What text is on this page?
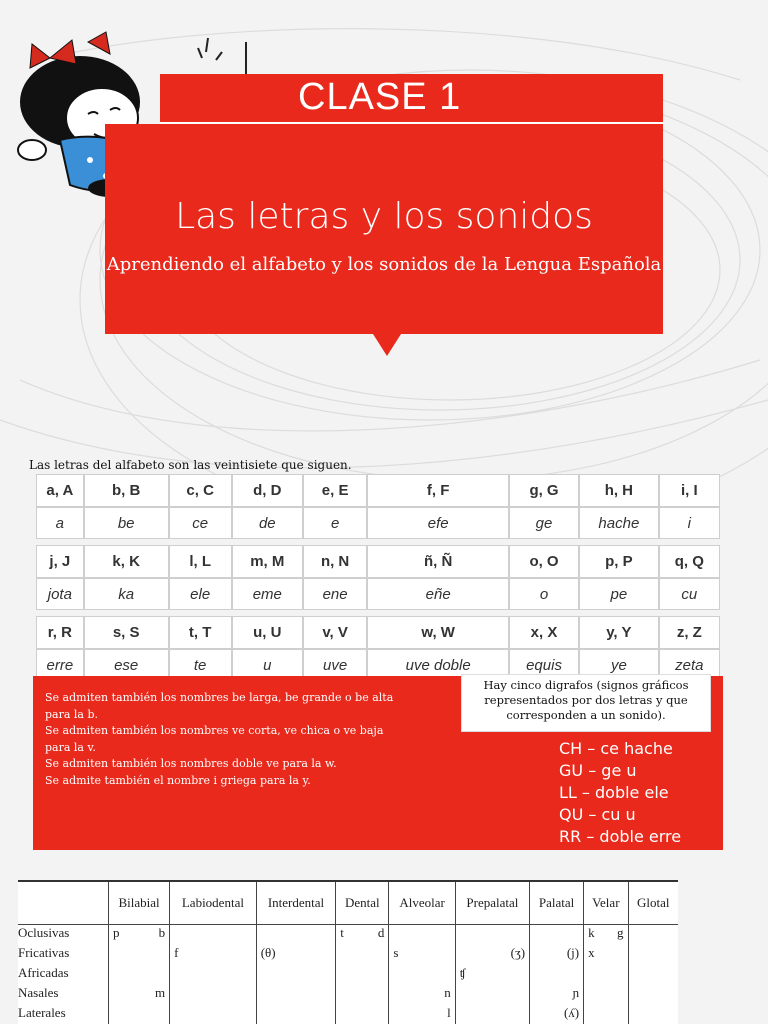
CLASE 1
Las letras y los sonidos
Aprendiendo el alfabeto y los sonidos de la Lengua Española
Las letras del alfabeto son las veintisiete que siguen.
a, A	b, B	c, C	d, D	e, E	f, F	g, G	h, H	i, I
a	be	ce	de	e	efe	ge	hache	i

j, J	k, K	l, L	m, M	n, N	ñ, Ñ	o, O	p, P	q, Q
jota	ka	ele	eme	ene	eñe	o	pe	cu

r, R	s, S	t, T	u, U	v, V	w, W	x, X	y, Y	z, Z
erre	ese	te	u	uve	uve doble	equis	ye	zeta
Se admiten también los nombres be larga, be grande o be alta para la b.
Se admiten también los nombres ve corta, ve chica o ve baja para la v.
Se admiten también los nombres doble ve para la w.
Se admite también el nombre i griega para la y.
Hay cinco digrafos (signos gráficos representados por dos letras y que corresponden a un sonido).
CH – ce hache
GU – ge u
LL – doble ele
QU – cu u
RR – doble erre
	Bilabial	Labiodental	Interdental	Dental	Alveolar	Prepalatal	Palatal	Velar	Glotal
Oclusivas	p b			t d				k g	

Fricativas		f	(θ)		s	(ʒ)	(j)	x	

Africadas						ʧ			

Nasales	m				n		ɲ		

Laterales					l		(ʎ)		
